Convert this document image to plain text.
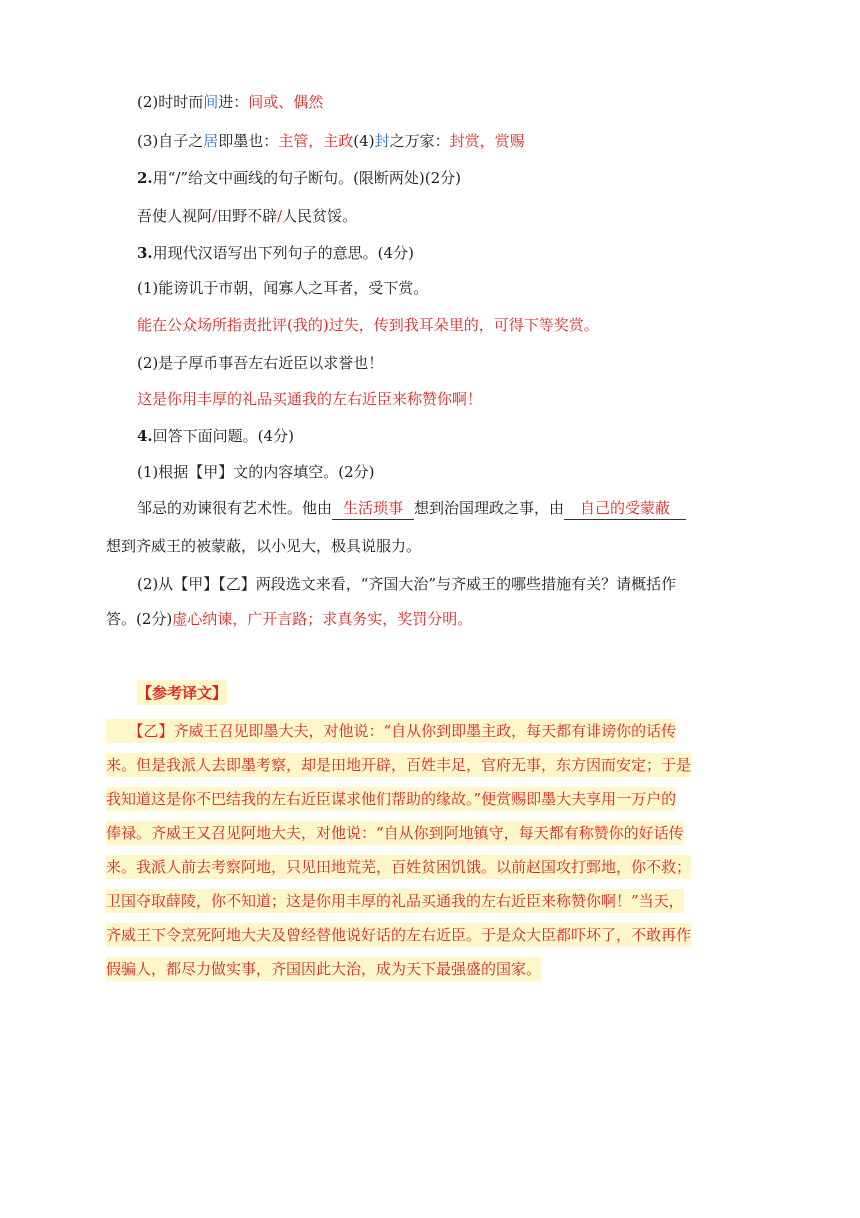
(2)时时而间进：间或、偶然
(3)自子之居即墨也：主管，主政(4)封之万家：封赏，赏赐
2.用“/”给文中画线的句子断句。(限断两处)(2分)
吾使人视阿/田野不辟/人民贫馁。
3.用现代汉语写出下列句子的意思。(4分)
(1)能谤讥于市朝，闻寡人之耳者，受下赏。
能在公众场所指责批评(我的)过失，传到我耳朵里的，可得下等奖赏。
(2)是子厚币事吾左右近臣以求誉也！
这是你用丰厚的礼品买通我的左右近臣来称赞你啊！
4.回答下面问题。(4分)
(1)根据【甲】文的内容填空。(2分)
邹忌的劝谏很有艺术性。他由 生活琐事 想到治国理政之事，由 自己的受蒙蔽
想到齐威王的被蒙蔽，以小见大，极具说服力。
(2)从【甲】【乙】两段选文来看，“齐国大治”与齐威王的哪些措施有关？请概括作
答。(2分)虚心纳谏，广开言路；求真务实，奖罚分明。
【参考译文】
　　【乙】齐威王召见即墨大夫，对他说：“自从你到即墨主政，每天都有诽谤你的话传
来。但是我派人去即墨考察，却是田地开辟，百姓丰足，官府无事，东方因而安定；于是
我知道这是你不巴结我的左右近臣谋求他们帮助的缘故。”便赏赐即墨大夫享用一万户的
俸禄。齐威王又召见阿地大夫，对他说：“自从你到阿地镇守，每天都有称赞你的好话传
来。我派人前去考察阿地，只见田地荒芜，百姓贫困饥饿。以前赵国攻打鄄地，你不救；
卫国夺取薛陵，你不知道；这是你用丰厚的礼品买通我的左右近臣来称赞你啊！”当天，
齐威王下令烹死阿地大夫及曾经替他说好话的左右近臣。于是众大臣都吓坏了，不敢再作
假骗人，都尽力做实事，齐国因此大治，成为天下最强盛的国家。
